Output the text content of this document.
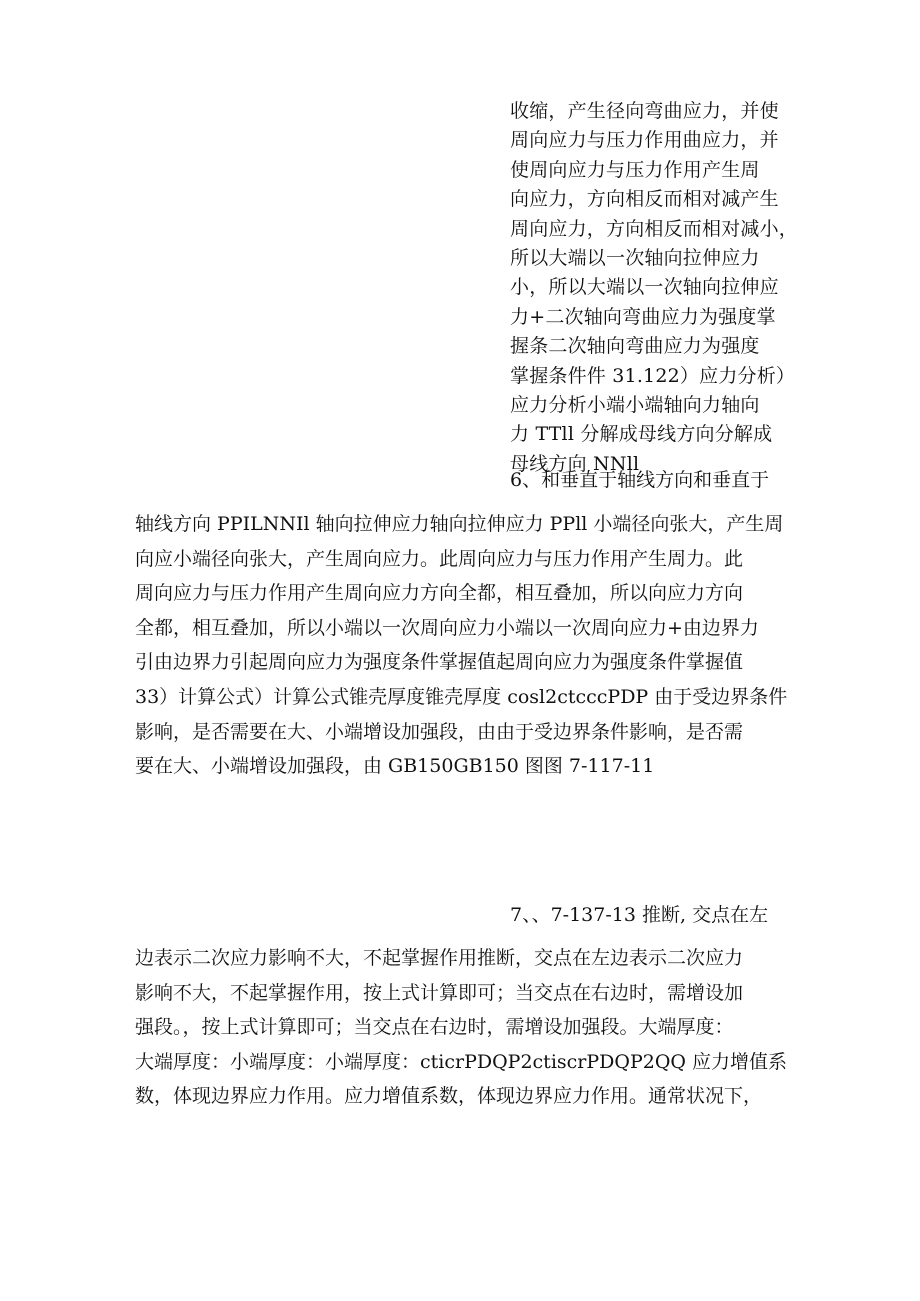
收缩，产生径向弯曲应力，并使

周向应力与压力作用曲应力，并

使周向应力与压力作用产生周

向应力，方向相反而相对减产生

周向应力，方向相反而相对减小，

所以大端以一次轴向拉伸应力

小，所以大端以一次轴向拉伸应

力+二次轴向弯曲应力为强度掌

握条二次轴向弯曲应力为强度

掌握条件件 31.122）应力分析）

应力分析小端小端轴向力轴向

力 TTll 分解成母线方向分解成

母线方向 NNll

6、和垂直于轴线方向和垂直于

轴线方向 PPILNNIl 轴向拉伸应力轴向拉伸应力 PPll 小端径向张大，产生周

向应小端径向张大，产生周向应力。此周向应力与压力作用产生周力。此

周向应力与压力作用产生周向应力方向全都，相互叠加，所以向应力方向

全都，相互叠加，所以小端以一次周向应力小端以一次周向应力+由边界力

引由边界力引起周向应力为强度条件掌握值起周向应力为强度条件掌握值

33）计算公式）计算公式锥壳厚度锥壳厚度 cosl2ctcccPDP 由于受边界条件

影响，是否需要在大、小端增设加强段，由由于受边界条件影响，是否需

要在大、小端增设加强段，由 GB150GB150 图图 7-117-11

7、、7-137-13 推断, 交点在左

边表示二次应力影响不大，不起掌握作用推断，交点在左边表示二次应力

影响不大，不起掌握作用，按上式计算即可；当交点在右边时，需增设加

强段。，按上式计算即可；当交点在右边时，需增设加强段。大端厚度：

大端厚度：小端厚度：小端厚度：cticrPDQP2ctiscrPDQP2QQ 应力增值系

数，体现边界应力作用。应力增值系数，体现边界应力作用。通常状况下，
